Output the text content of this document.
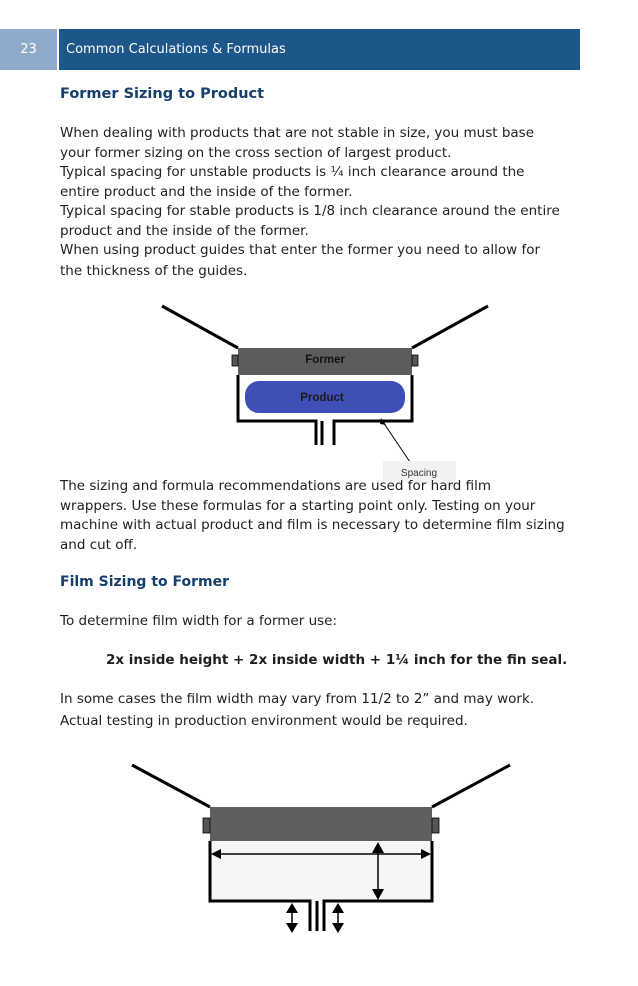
23	Common Calculations & Formulas
Former Sizing to Product
When dealing with products that are not stable in size, you must base
your former sizing on the cross section of largest product.
Typical spacing for unstable products is ¼ inch clearance around the
entire product and the inside of the former.
Typical spacing for stable products is 1/8 inch clearance around the entire
product and the inside of the former.
When using product guides that enter the former you need to allow for
the thickness of the guides.
Former
Product
Spacing
The sizing and formula recommendations are used for hard film
wrappers. Use these formulas for a starting point only. Testing on your
machine with actual product and film is necessary to determine film sizing
and cut off.
Film Sizing to Former
To determine film width for a former use:
2x inside height + 2x inside width + 1¼ inch for the fin seal.
In some cases the film width may vary from 11/2 to 2” and may work.
Actual testing in production environment would be required.
